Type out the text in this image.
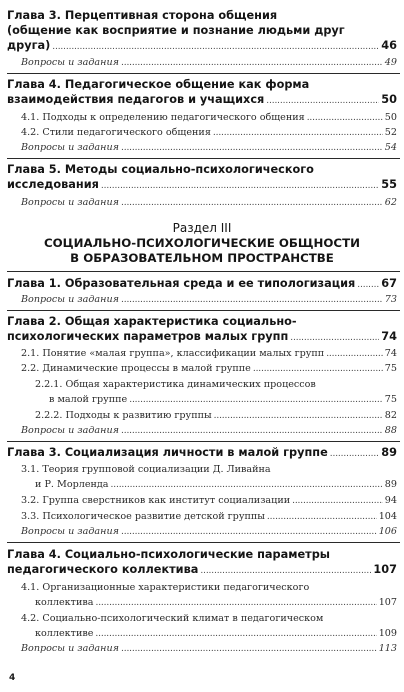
Глава 3. Перцептивная сторона общения
(общение как восприятие и познание людьми друг
друга) . . .	46
Вопросы и задания . . .	49
Глава 4. Педагогическое общение как форма
взаимодействия педагогов и учащихся . . .	50
4.1. Подходы к определению педагогического общения . . .	50
4.2. Стили педагогического общения . . .	52
Вопросы и задания . . .	54
Глава 5. Методы социально-психологического
исследования . . .	55
Вопросы и задания . . .	62
Раздел III
СОЦИАЛЬНО-ПСИХОЛОГИЧЕСКИЕ ОБЩНОСТИ
В ОБРАЗОВАТЕЛЬНОМ ПРОСТРАНСТВЕ
Глава 1. Образовательная среда и ее типологизация . . . 67
Вопросы и задания . . .	73
Глава 2. Общая характеристика социально-
психологических параметров малых групп . . .	74
2.1. Понятие «малая группа», классификации малых групп . . .	74
2.2. Динамические процессы в малой группе . . .	75
2.2.1. Общая характеристика динамических процессов
в малой группе . . .	75
2.2.2. Подходы к развитию группы . . .	82
Вопросы и задания . . .	88
Глава 3. Социализация личности в малой группе . . .	89
3.1. Теория групповой социализации Д. Ливайна
и Р. Морленда . . .	89
3.2. Группа сверстников как институт социализации . . .	94
3.3. Психологическое развитие детской группы . . .	104
Вопросы и задания . . .	106
Глава 4. Социально-психологические параметры
педагогического коллектива . . .	107
4.1. Организационные характеристики педагогического
коллектива . . .	107
4.2. Социально-психологический климат в педагогическом
коллективе . . .	109
Вопросы и задания . . .	113
4
